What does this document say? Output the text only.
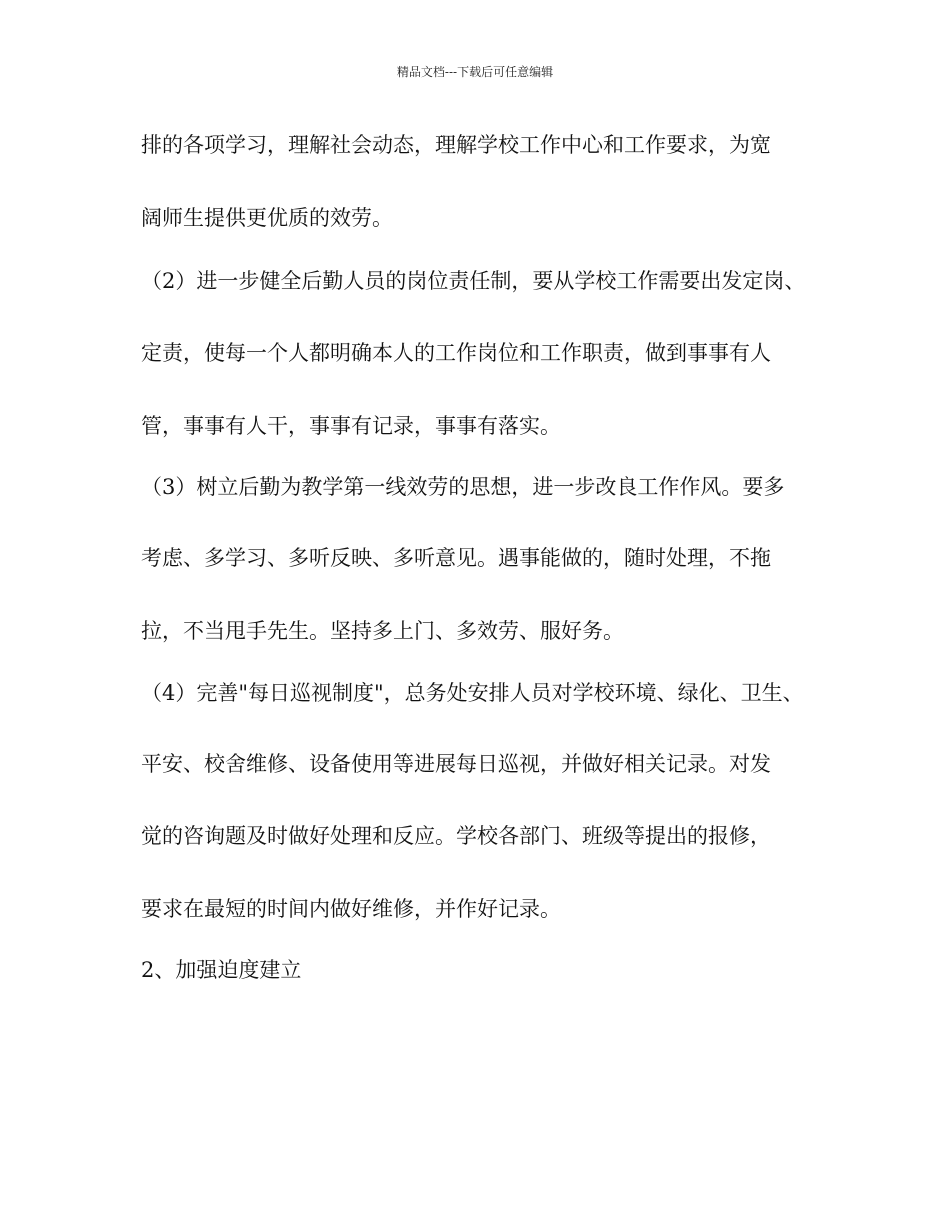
精品文档---下载后可任意编辑
排的各项学习，理解社会动态，理解学校工作中心和工作要求，为宽
阔师生提供更优质的效劳。
（2）进一步健全后勤人员的岗位责任制，要从学校工作需要出发定岗、
定责，使每一个人都明确本人的工作岗位和工作职责，做到事事有人
管，事事有人干，事事有记录，事事有落实。
（3）树立后勤为教学第一线效劳的思想，进一步改良工作作风。要多
考虑、多学习、多听反映、多听意见。遇事能做的，随时处理，不拖
拉，不当甩手先生。坚持多上门、多效劳、服好务。
（4）完善"每日巡视制度"，总务处安排人员对学校环境、绿化、卫生、
平安、校舍维修、设备使用等进展每日巡视，并做好相关记录。对发
觉的咨询题及时做好处理和反应。学校各部门、班级等提出的报修，
要求在最短的时间内做好维修，并作好记录。
2、加强迫度建立
